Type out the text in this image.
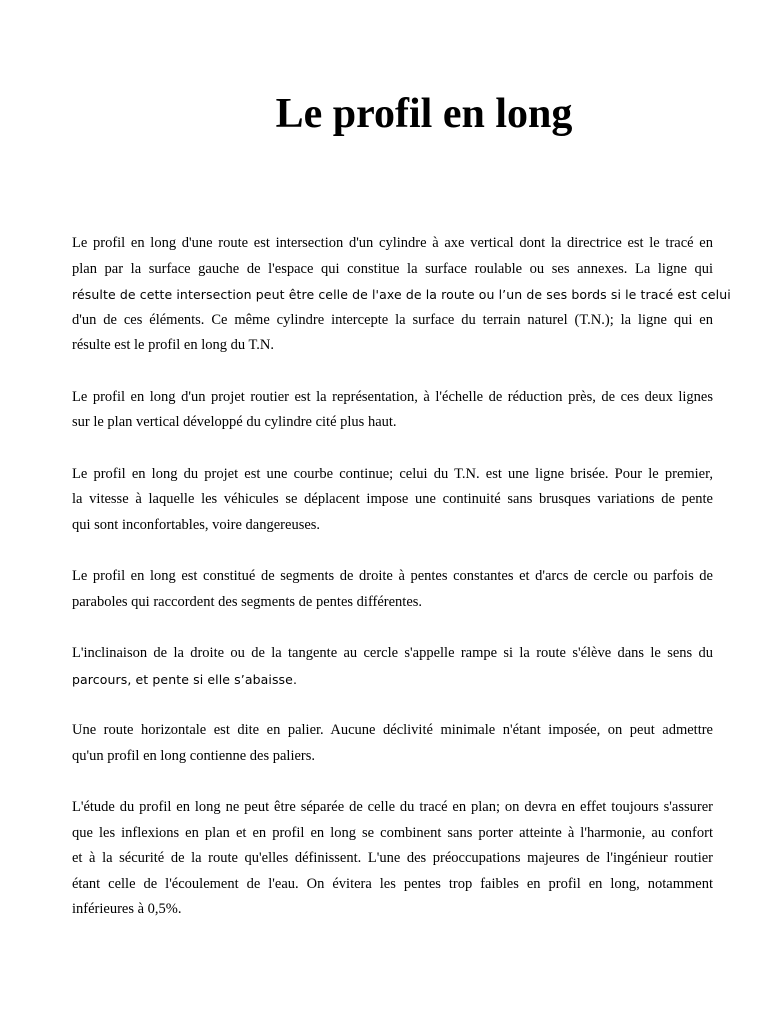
Le profil en long

Le profil en long d'une route est intersection d'un cylindre à axe vertical dont la directrice est le tracé en
plan par la surface gauche de l'espace qui constitue la surface roulable ou ses annexes. La ligne qui
résulte de cette intersection peut être celle de l'axe de la route ou l’un de ses bords si le tracé est celui
d'un de ces éléments. Ce même cylindre intercepte la surface du terrain naturel (T.N.); la ligne qui en
résulte est le profil en long du T.N.

Le profil en long d'un projet routier est la représentation, à l'échelle de réduction près, de ces deux lignes
sur le plan vertical développé du cylindre cité plus haut.

Le profil en long du projet est une courbe continue; celui du T.N. est une ligne brisée. Pour le premier,
la vitesse à laquelle les véhicules se déplacent impose une continuité sans brusques variations de pente
qui sont inconfortables, voire dangereuses.

Le profil en long est constitué de segments de droite à pentes constantes et d'arcs de cercle ou parfois de
paraboles qui raccordent des segments de pentes différentes.

L'inclinaison de la droite ou de la tangente au cercle s'appelle rampe si la route s'élève dans le sens du
parcours, et pente si elle s’abaisse.

Une route horizontale est dite en palier. Aucune déclivité minimale n'étant imposée, on peut admettre
qu'un profil en long contienne des paliers.

L'étude du profil en long ne peut être séparée de celle du tracé en plan; on devra en effet toujours s'assurer
que les inflexions en plan et en profil en long se combinent sans porter atteinte à l'harmonie, au confort
et à la sécurité de la route qu'elles définissent. L'une des préoccupations majeures de l'ingénieur routier
étant celle de l'écoulement de l'eau. On évitera les pentes trop faibles en profil en long, notamment
inférieures à 0,5%.
